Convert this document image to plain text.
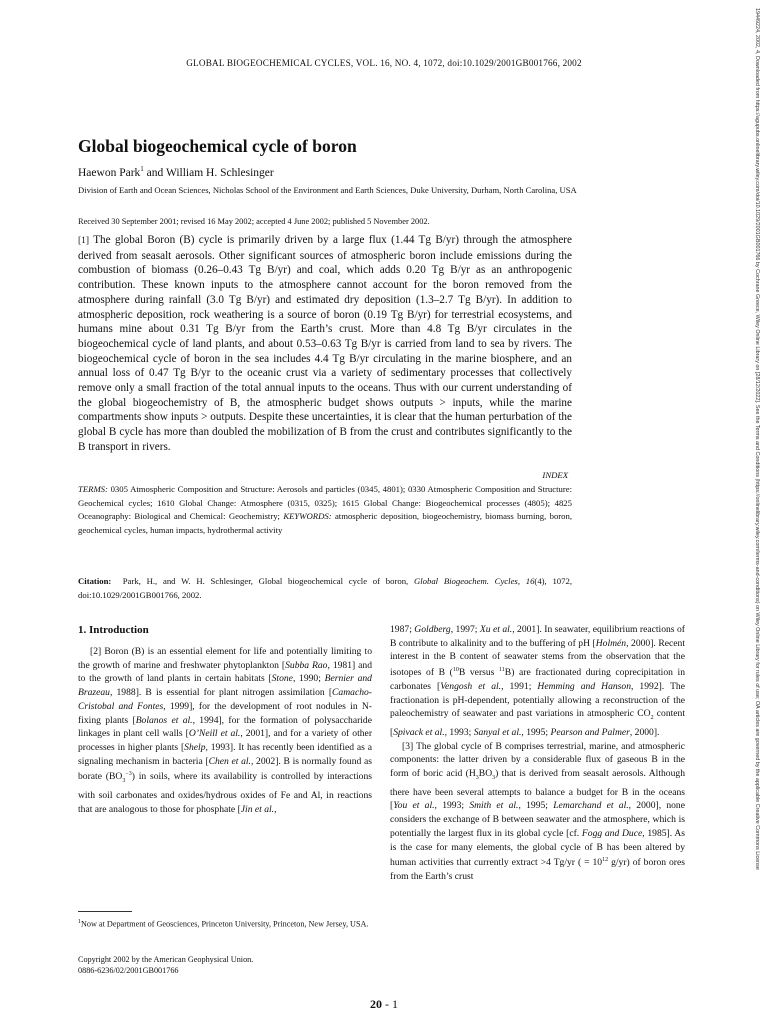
GLOBAL BIOGEOCHEMICAL CYCLES, VOL. 16, NO. 4, 1072, doi:10.1029/2001GB001766, 2002
Global biogeochemical cycle of boron
Haewon Park$^1$ and William H. Schlesinger
Division of Earth and Ocean Sciences, Nicholas School of the Environment and Earth Sciences, Duke University, Durham, North Carolina, USA
Received 30 September 2001; revised 16 May 2002; accepted 4 June 2002; published 5 November 2002.
[1] The global Boron (B) cycle is primarily driven by a large flux (1.44 Tg B/yr) through the atmosphere derived from seasalt aerosols. Other significant sources of atmospheric boron include emissions during the combustion of biomass (0.26–0.43 Tg B/yr) and coal, which adds 0.20 Tg B/yr as an anthropogenic contribution. These known inputs to the atmosphere cannot account for the boron removed from the atmosphere during rainfall (3.0 Tg B/yr) and estimated dry deposition (1.3–2.7 Tg B/yr). In addition to atmospheric deposition, rock weathering is a source of boron (0.19 Tg B/yr) for terrestrial ecosystems, and humans mine about 0.31 Tg B/yr from the Earth’s crust. More than 4.8 Tg B/yr circulates in the biogeochemical cycle of land plants, and about 0.53–0.63 Tg B/yr is carried from land to sea by rivers. The biogeochemical cycle of boron in the sea includes 4.4 Tg B/yr circulating in the marine biosphere, and an annual loss of 0.47 Tg B/yr to the oceanic crust via a variety of sedimentary processes that collectively remove only a small fraction of the total annual inputs to the oceans. Thus with our current understanding of the global biogeochemistry of B, the atmospheric budget shows outputs > inputs, while the marine compartments show inputs > outputs. Despite these uncertainties, it is clear that the human perturbation of the global B cycle has more than doubled the mobilization of B from the crust and contributes significantly to the B transport in rivers.
INDEX
TERMS: 0305 Atmospheric Composition and Structure: Aerosols and particles (0345, 4801); 0330 Atmospheric Composition and Structure: Geochemical cycles; 1610 Global Change: Atmosphere (0315, 0325); 1615 Global Change: Biogeochemical processes (4805); 4825 Oceanography: Biological and Chemical: Geochemistry; KEYWORDS: atmospheric deposition, biogeochemistry, biomass burning, boron, geochemical cycles, human impacts, hydrothermal activity
Citation: Park, H., and W. H. Schlesinger, Global biogeochemical cycle of boron, Global Biogeochem. Cycles, 16(4), 1072, doi:10.1029/2001GB001766, 2002.
1. Introduction

[2] Boron (B) is an essential element for life and potentially limiting to the growth of marine and freshwater phytoplankton [Subba Rao, 1981] and to the growth of land plants in certain habitats [Stone, 1990; Bernier and Brazeau, 1988]. B is essential for plant nitrogen assimilation [Camacho-Cristobal and Fontes, 1999], for the development of root nodules in N-fixing plants [Bolanos et al., 1994], for the formation of polysaccharide linkages in plant cell walls [O’Neill et al., 2001], and for a variety of other processes in higher plants [Shelp, 1993]. It has recently been identified as a signaling mechanism in bacteria [Chen et al., 2002]. B is normally found as borate $(BO_3^{-3})$ in soils, where its availability is controlled by interactions with soil carbonates and oxides/hydrous oxides of Fe and Al, in reactions that are analogous to those for phosphate [Jin et al.,

1987; Goldberg, 1997; Xu et al., 2001]. In seawater, equilibrium reactions of B contribute to alkalinity and to the buffering of pH [Holmén, 2000]. Recent interest in the B content of seawater stems from the observation that the isotopes of B ($^{10}$B versus $^{11}$B) are fractionated during coprecipitation in carbonates [Vengosh et al., 1991; Hemming and Hanson, 1992]. The fractionation is pH-dependent, potentially allowing a reconstruction of the paleochemistry of seawater and past variations in atmospheric $CO_2$ content [Spivack et al., 1993; Sanyal et al., 1995; Pearson and Palmer, 2000].

[3] The global cycle of B comprises terrestrial, marine, and atmospheric components: the latter driven by a considerable flux of gaseous B in the form of boric acid $(H_3BO_3)$ that is derived from seasalt aerosols. Although there have been several attempts to balance a budget for B in the oceans [You et al., 1993; Smith et al., 1995; Lemarchand et al., 2000], none considers the exchange of B between seawater and the atmosphere, which is potentially the largest flux in its global cycle [cf. Fogg and Duce, 1985]. As is the case for many elements, the global cycle of B has been altered by human activities that currently extract >4 Tg/yr ( = $10^{12}$ g/yr) of boron ores from the Earth’s crust

$^1$Now at Department of Geosciences, Princeton University, Princeton, New Jersey, USA.
Copyright 2002 by the American Geophysical Union.
0886-6236/02/2001GB001766
20 - 1
19449224, 2002, 4, Downloaded from https://agupubs.onlinelibrary.wiley.com/doi/10.1029/2001GB001766 by Cochrane Greece, Wiley Online Library on [28/12/2022]. See the Terms and Conditions (https://onlinelibrary.wiley.com/terms-and-conditions) on Wiley Online Library for rules of use; OA articles are governed by the applicable Creative Commons License
